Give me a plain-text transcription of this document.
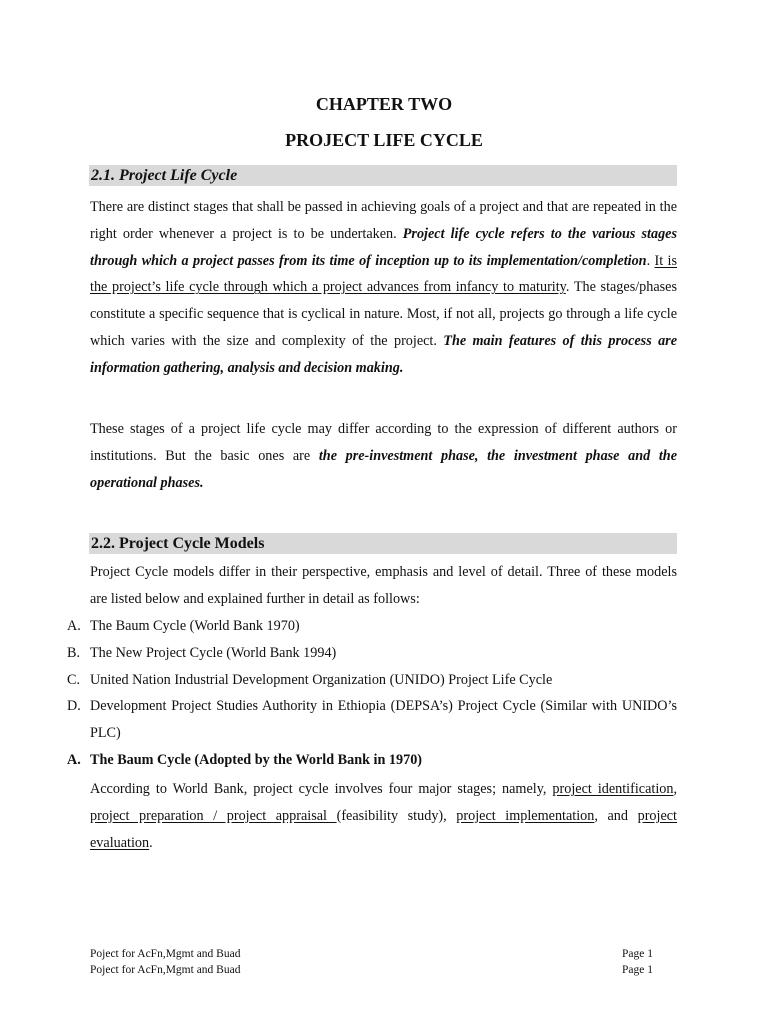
CHAPTER TWO
PROJECT LIFE CYCLE
2.1. Project Life Cycle
There are distinct stages that shall be passed in achieving goals of a project and that are repeated in the right order whenever a project is to be undertaken. Project life cycle refers to the various stages through which a project passes from its time of inception up to its implementation/completion. It is the project’s life cycle through which a project advances from infancy to maturity. The stages/phases constitute a specific sequence that is cyclical in nature. Most, if not all, projects go through a life cycle which varies with the size and complexity of the project. The main features of this process are information gathering, analysis and decision making.
These stages of a project life cycle may differ according to the expression of different authors or institutions. But the basic ones are the pre-investment phase, the investment phase and the operational phases.
2.2. Project Cycle Models
Project Cycle models differ in their perspective, emphasis and level of detail. Three of these models are listed below and explained further in detail as follows:
A. The Baum Cycle (World Bank 1970)
B. The New Project Cycle (World Bank 1994)
C. United Nation Industrial Development Organization (UNIDO) Project Life Cycle
D. Development Project Studies Authority in Ethiopia (DEPSA’s) Project Cycle (Similar with UNIDO’s PLC)
A. The Baum Cycle (Adopted by the World Bank in 1970)
According to World Bank, project cycle involves four major stages; namely, project identification, project preparation / project appraisal (feasibility study), project implementation, and project evaluation.
Poject for AcFn,Mgmt and Buad
Poject for AcFn,Mgmt and Buad
Page 1
Page 1
